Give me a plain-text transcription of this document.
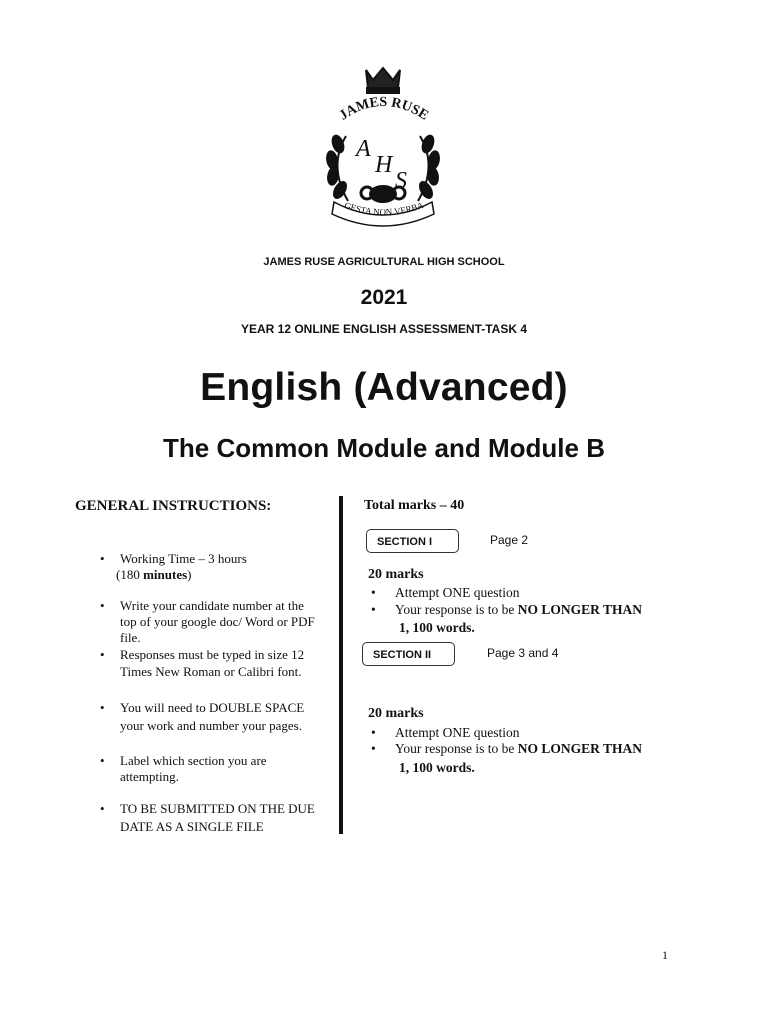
JAMES RUSE
A
H
S
GESTA NON VERBA
JAMES RUSE AGRICULTURAL HIGH SCHOOL
2021
YEAR 12 ONLINE ENGLISH ASSESSMENT-TASK 4
English (Advanced)
The Common Module and Module B
GENERAL INSTRUCTIONS:
• Working Time – 3 hours
(180 minutes)
• Write your candidate number at the top of your google doc/ Word or PDF file.
• Responses must be typed in size 12 Times New Roman or Calibri font.
• You will need to DOUBLE SPACE your work and number your pages.
• Label which section you are attempting.
• TO BE SUBMITTED ON THE DUE DATE AS A SINGLE FILE
Total marks – 40
SECTION I	Page 2
20 marks
• Attempt ONE question
• Your response is to be NO LONGER THAN
1, 100 words.
SECTION II	Page 3 and 4
20 marks
• Attempt ONE question
• Your response is to be NO LONGER THAN
1, 100 words.
1
